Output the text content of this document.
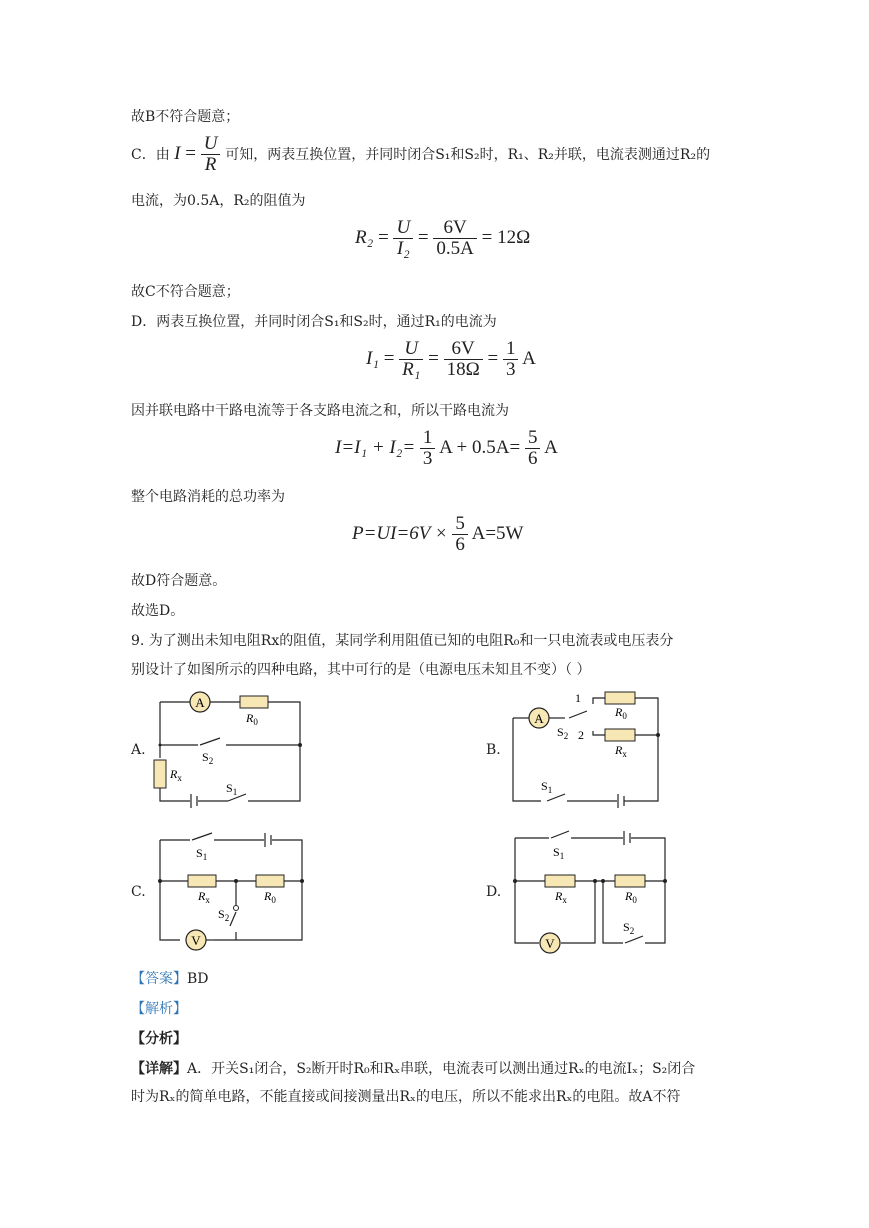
故B不符合题意；
C．由 $I = \frac{U}{R}$ 可知，两表互换位置，并同时闭合S₁和S₂时，R₁、R₂并联，电流表测通过R₂的
电流，为0.5A，R₂的阻值为
$R_2 = \frac{U}{\text{I₂}} = \frac{6V}{0.5A} = 12\Omega$
故C不符合题意；
D．两表互换位置，并同时闭合S₁和S₂时，通过R₁的电流为
$I_1 = \frac{U}{\text{R₁}} = \frac{6V}{18\Omega} = \frac{1}{3}$ A
因并联电路中干路电流等于各支路电流之和，所以干路电流为
$I=I_1 + I_2= \frac{1}{3}$ $A + 0.5A= \frac{5}{6}$ A
整个电路消耗的总功率为
$P=UI=6V \times \frac{5}{6} A=5W$
故D符合题意。
故选D。
9. 为了测出未知电阻Rx的阻值，某同学利用阻值已知的电阻R₀和一只电流表或电压表分
别设计了如图所示的四种电路，其中可行的是（电源电压未知且不变）（ ）
A.	B.
C.	D.
A
$R_0$
$R_x$
$S_2$
$S_1$
A	$R_0$
$R_x$
1
2
$S_2$
$S_1$
$S_1$
$R_x$	$R_0$
$S_2$
V
$S_1$
$R_x$	$R_0$
V
$S_2$
【答案】BD
【解析】
【分析】
【详解】A．开关S₁闭合，S₂断开时R₀和Rₓ串联，电流表可以测出通过Rₓ的电流Iₓ；S₂闭合
时为Rₓ的简单电路，不能直接或间接测量出Rₓ的电压，所以不能求出Rₓ的电阻。故A不符
